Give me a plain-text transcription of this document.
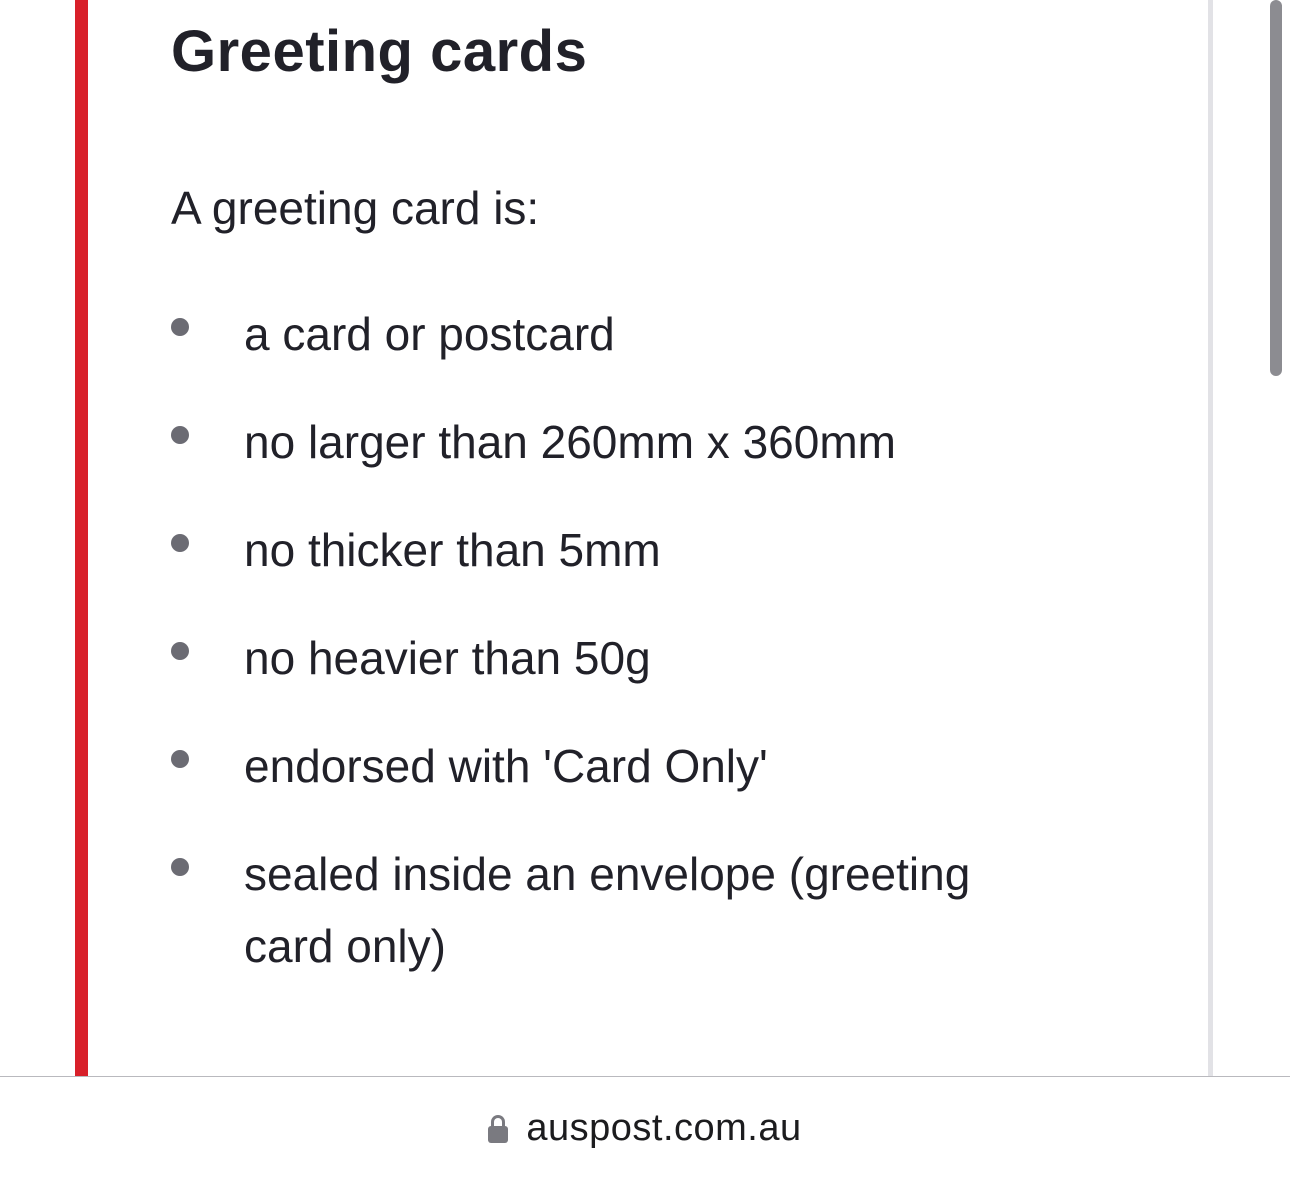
Greeting cards

A greeting card is:

a card or postcard
no larger than 260mm x 360mm
no thicker than 5mm
no heavier than 50g
endorsed with 'Card Only'
sealed inside an envelope (greeting card only)
auspost.com.au
